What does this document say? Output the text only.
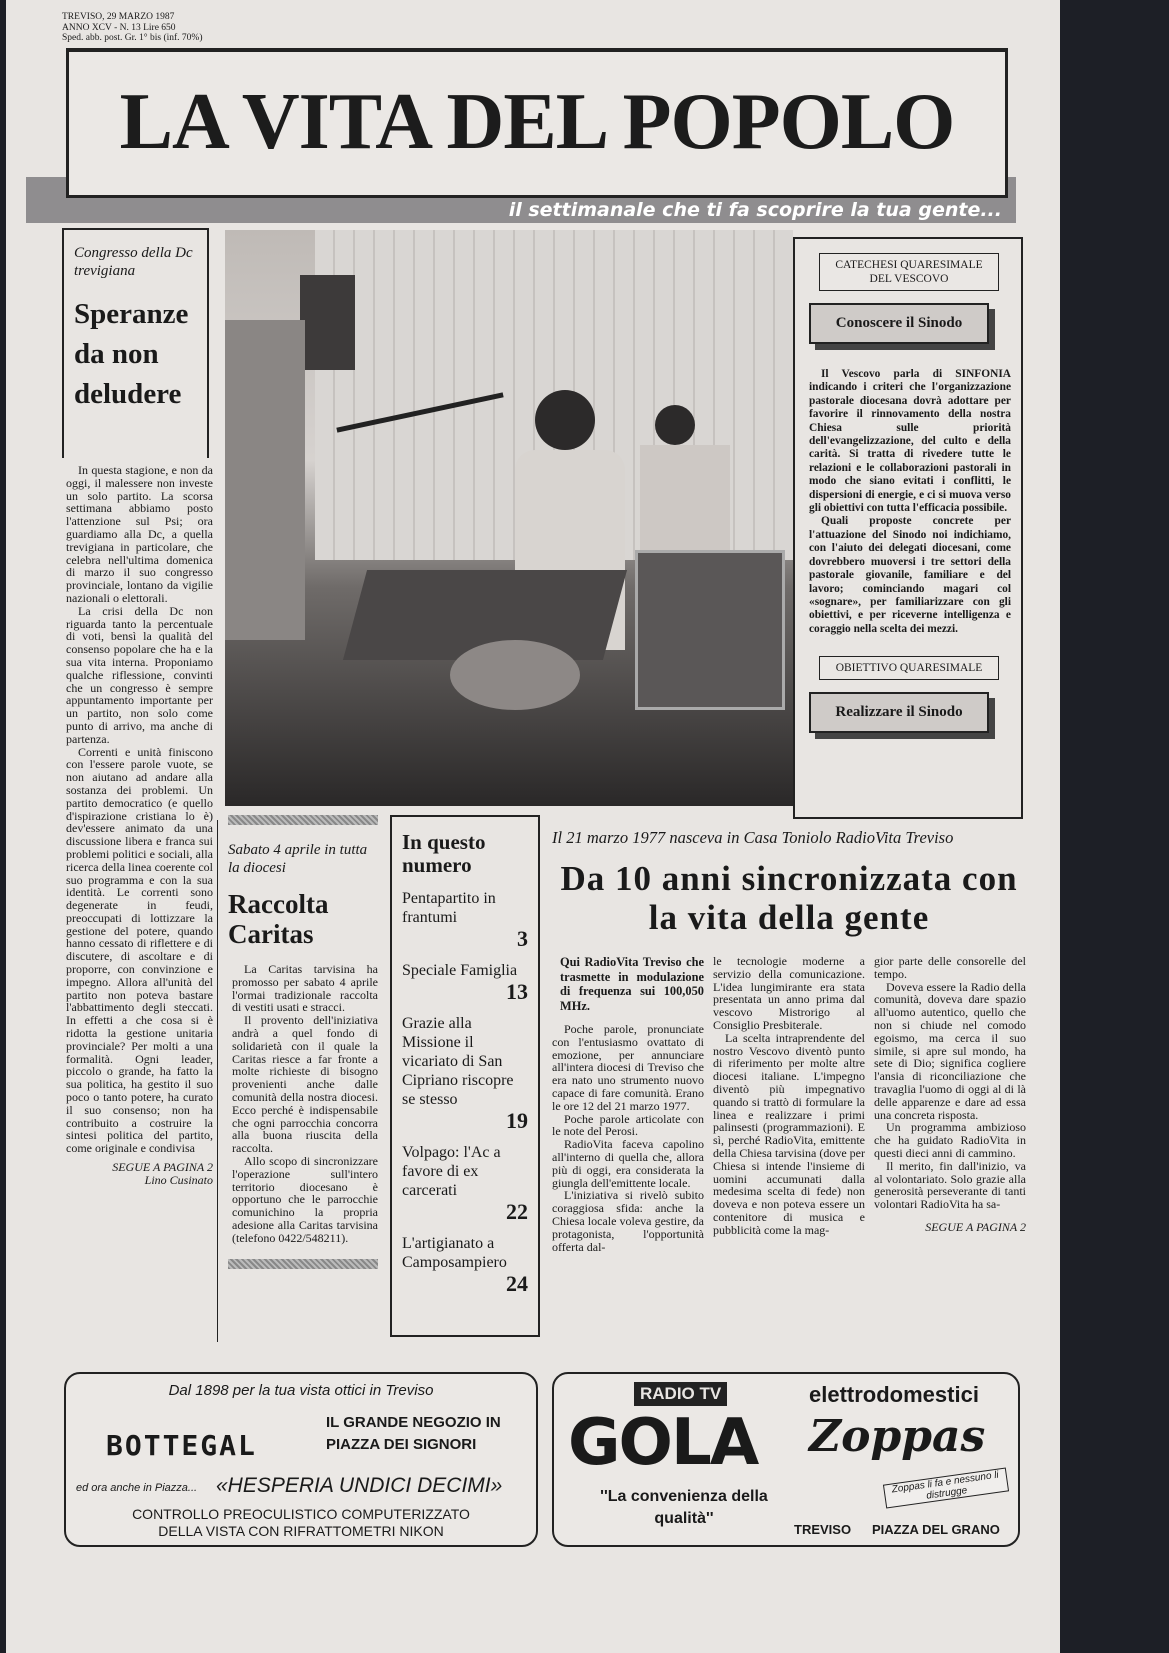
TREVISO, 29 MARZO 1987
ANNO XCV - N. 13 Lire 650
Sped. abb. post. Gr. 1° bis (inf. 70%)
LA VITA DEL POPOLO
il settimanale che ti fa scoprire la tua gente...
Congresso della Dc trevigiana
Speranze da non deludere

In questa stagione, e non da oggi, il malessere non investe un solo partito. La scorsa settimana abbiamo posto l'attenzione sul Psi; ora guardiamo alla Dc, a quella trevigiana in particolare, che celebra nell'ultima domenica di marzo il suo congresso provinciale, lontano da vigilie nazionali o elettorali.

La crisi della Dc non riguarda tanto la percentuale di voti, bensì la qualità del consenso popolare che ha e la sua vita interna. Proponiamo qualche riflessione, convinti che un congresso è sempre appuntamento importante per un partito, non solo come punto di arrivo, ma anche di partenza.

Correnti e unità finiscono con l'essere parole vuote, se non aiutano ad andare alla sostanza dei problemi. Un partito democratico (e quello d'ispirazione cristiana lo è) dev'essere animato da una discussione libera e franca sui problemi politici e sociali, alla ricerca della linea coerente col suo programma e con la sua identità. Le correnti sono degenerate in feudi, preoccupati di lottizzare la gestione del potere, quando hanno cessato di riflettere e di discutere, di ascoltare e di proporre, con convinzione e impegno. Allora all'unità del partito non poteva bastare l'abbattimento degli steccati. In effetti a che cosa si è ridotta la gestione unitaria provinciale? Per molti a una formalità. Ogni leader, piccolo o grande, ha fatto la sua politica, ha gestito il suo poco o tanto potere, ha curato il suo consenso; non ha contribuito a costruire la sintesi politica del partito, come originale e condivisa

SEGUE A PAGINA 2
Lino Cusinato
CATECHESI QUARESIMALE DEL VESCOVO
Conoscere il Sinodo

Il Vescovo parla di SINFONIA indicando i criteri che l'organizzazione pastorale diocesana dovrà adottare per favorire il rinnovamento della nostra Chiesa sulle priorità dell'evangelizzazione, del culto e della carità. Si tratta di rivedere tutte le relazioni e le collaborazioni pastorali in modo che siano evitati i conflitti, le dispersioni di energie, e ci si muova verso gli obiettivi con tutta l'efficacia possibile.

Quali proposte concrete per l'attuazione del Sinodo noi indichiamo, con l'aiuto dei delegati diocesani, come dovrebbero muoversi i tre settori della pastorale giovanile, familiare e del lavoro; cominciando magari col «sognare», per familiarizzare con gli obiettivi, e per riceverne intelligenza e coraggio nella scelta dei mezzi.

OBIETTIVO QUARESIMALE
Realizzare il Sinodo
Sabato 4 aprile in tutta la diocesi
Raccolta Caritas

La Caritas tarvisina ha promosso per sabato 4 aprile l'ormai tradizionale raccolta di vestiti usati e stracci.

Il provento dell'iniziativa andrà a quel fondo di solidarietà con il quale la Caritas riesce a far fronte a molte richieste di bisogno provenienti anche dalle comunità della nostra diocesi. Ecco perché è indispensabile che ogni parrocchia concorra alla buona riuscita della raccolta.

Allo scopo di sincronizzare l'operazione sull'intero territorio diocesano è opportuno che le parrocchie comunichino la propria adesione alla Caritas tarvisina (telefono 0422/548211).

In questo numero
Pentapartito in frantumi
3
Speciale Famiglia
13
Grazie alla Missione il vicariato di San Cipriano riscopre se stesso
19
Volpago: l'Ac a favore di ex carcerati
22
L'artigianato a Camposampiero
24
Il 21 marzo 1977 nasceva in Casa Toniolo RadioVita Treviso
Da 10 anni sincronizzata con la vita della gente
Qui RadioVita Treviso che trasmette in modulazione di frequenza sui 100,050 MHz.

Poche parole, pronunciate con l'entusiasmo ovattato di emozione, per annunciare all'intera diocesi di Treviso che era nato uno strumento nuovo capace di fare comunità. Erano le ore 12 del 21 marzo 1977.

Poche parole articolate con le note del Perosi.

RadioVita faceva capolino all'interno di quella che, allora più di oggi, era considerata la giungla dell'emittente locale.

L'iniziativa si rivelò subito coraggiosa sfida: anche la Chiesa locale voleva gestire, da protagonista, l'opportunità offerta dal-

le tecnologie moderne a servizio della comunicazione. L'idea lungimirante era stata presentata un anno prima dal vescovo Mistrorigo al Consiglio Presbiterale.

La scelta intraprendente del nostro Vescovo diventò punto di riferimento per molte altre diocesi italiane. L'impegno diventò più impegnativo quando si trattò di formulare la linea e realizzare i primi palinsesti (programmazioni). E sì, perché RadioVita, emittente della Chiesa tarvisina (dove per Chiesa si intende l'insieme di uomini accumunati dalla medesima scelta di fede) non doveva e non poteva essere un contenitore di musica e pubblicità come la mag-

gior parte delle consorelle del tempo.

Doveva essere la Radio della comunità, doveva dare spazio all'uomo autentico, quello che non si chiude nel comodo egoismo, ma cerca il suo simile, si apre sul mondo, ha sete di Dio; significa cogliere l'ansia di riconciliazione che travaglia l'uomo di oggi al di là delle apparenze e dare ad essa una concreta risposta.

Un programma ambizioso che ha guidato RadioVita in questi dieci anni di cammino.

Il merito, fin dall'inizio, va al volontariato. Solo grazie alla generosità perseverante di tanti volontari RadioVita ha sa-

SEGUE A PAGINA 2
Dal 1898 per la tua vista ottici in Treviso
BOTTEGAL
IL GRANDE NEGOZIO IN PIAZZA DEI SIGNORI
ed ora anche in Piazza... «HESPERIA UNDICI DECIMI»
CONTROLLO PREOCULISTICO COMPUTERIZZATO
DELLA VISTA CON RIFRATTOMETRI NIKON
RADIO TV
GOLA
''La convenienza della qualità''
elettrodomestici
Zoppas
Zoppas li fa e nessuno li distrugge
TREVISO PIAZZA DEL GRANO
